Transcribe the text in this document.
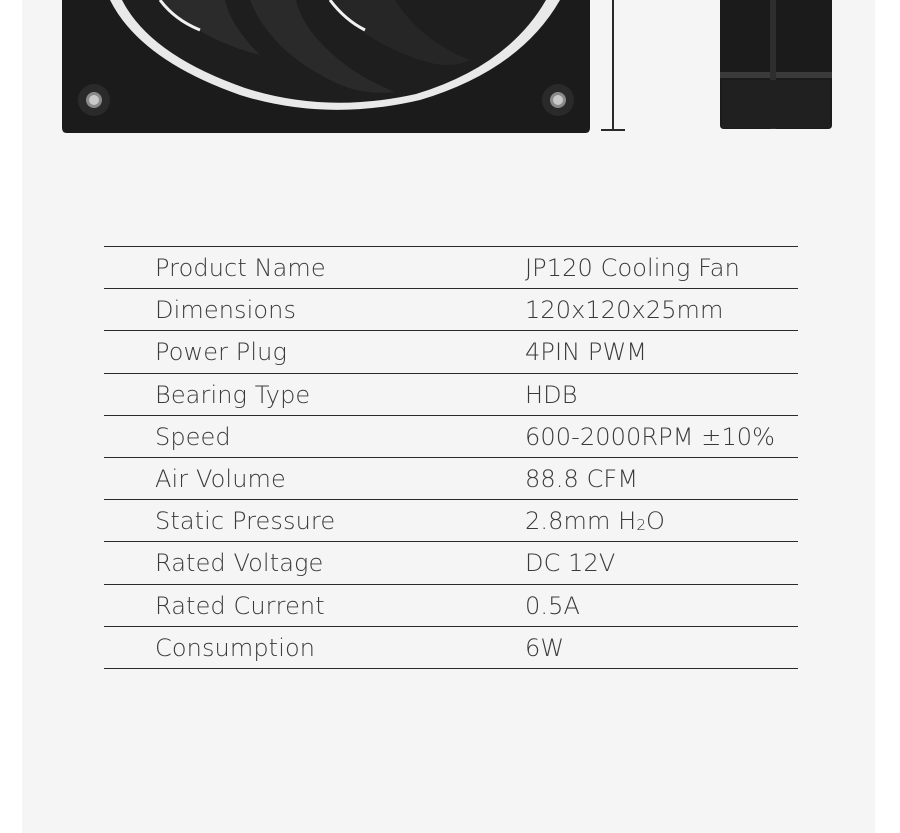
Product Name	JP120 Cooling Fan
Dimensions	120x120x25mm
Power Plug	4PIN PWM
Bearing Type	HDB
Speed	600-2000RPM ±10%
Air Volume	88.8 CFM
Static Pressure	2.8mm H2O
Rated Voltage	DC 12V
Rated Current	0.5A
Consumption	6W
